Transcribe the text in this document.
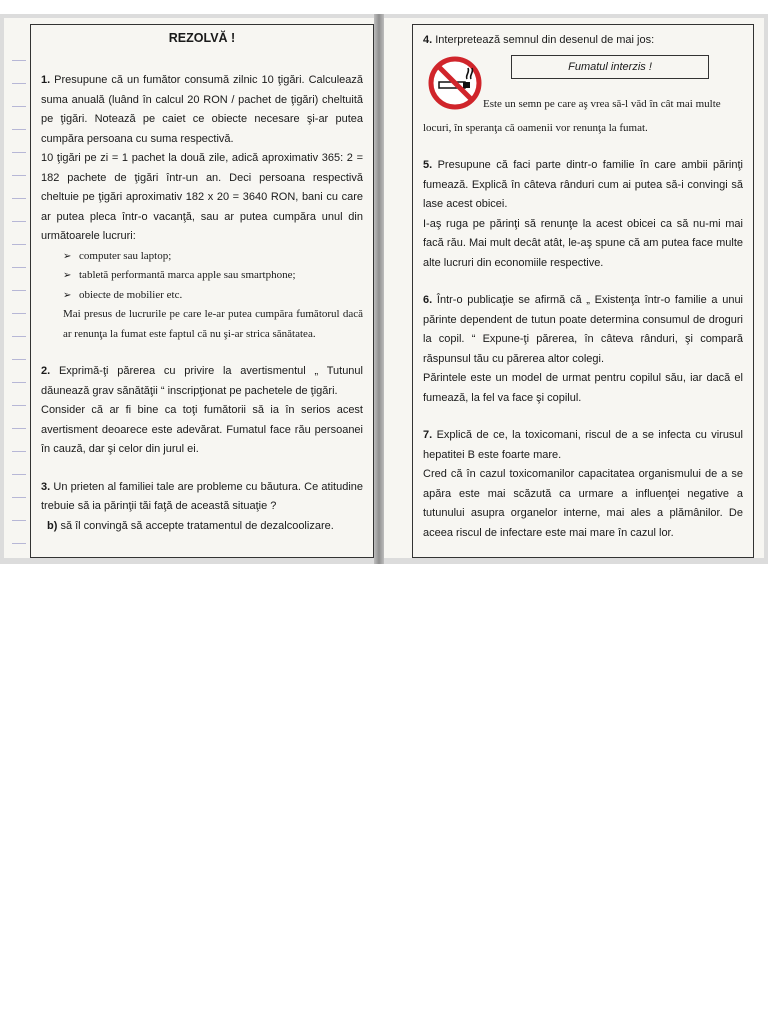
REZOLVĂ !

1. Presupune că un fumător consumă zilnic 10 ţigări. Calculează suma anuală (luând în calcul 20 RON / pachet de ţigări) cheltuită pe ţigări. Notează pe caiet ce obiecte necesare şi-ar putea cumpăra persoana cu suma respectivă.

10 ţigări pe zi = 1 pachet la două zile, adică aproximativ 365: 2 = 182 pachete de ţigări într-un an. Deci persoana respectivă cheltuie pe ţigări aproximativ 182 x 20 = 3640 RON, bani cu care ar putea pleca într-o vacanţă, sau ar putea cumpăra unul din următoarele lucruri:

➢ computer sau laptop;
➢ tabletă performantă marca apple sau smartphone;
➢ obiecte de mobilier etc.

Mai presus de lucrurile pe care le-ar putea cumpăra fumătorul dacă ar renunţa la fumat este faptul că nu şi-ar strica sănătatea.

2. Exprimă-ţi părerea cu privire la avertismentul „ Tutunul dăunează grav sănătăţii “ inscripţionat pe pachetele de ţigări.

Consider că ar fi bine ca toţi fumătorii să ia în serios acest avertisment deoarece este adevărat. Fumatul face rău persoanei în cauză, dar şi celor din jurul ei.

3. Un prieten al familiei tale are probleme cu băutura. Ce atitudine trebuie să ia părinţii tăi faţă de această situaţie ?

b) să îl convingă să accepte tratamentul de dezalcoolizare.

4. Interpretează semnul din desenul de mai jos:

Fumatul interzis !
Este un semn pe care aş vrea să-l văd în cât mai multe

locuri, în speranţa că oamenii vor renunţa la fumat.

5. Presupune că faci parte dintr-o familie în care ambii părinţi fumează. Explică în câteva rânduri cum ai putea să-i convingi să lase acest obicei.

I-aş ruga pe părinţi să renunţe la acest obicei ca să nu-mi mai facă rău. Mai mult decât atât, le-aş spune că am putea face multe alte lucruri din economiile respective.

6. Într-o publicaţie se afirmă că „ Existenţa într-o familie a unui părinte dependent de tutun poate determina consumul de droguri la copil. “ Expune-ţi părerea, în câteva rânduri, şi compară răspunsul tău cu părerea altor colegi.

Părintele este un model de urmat pentru copilul său, iar dacă el fumează, la fel va face şi copilul.

7. Explică de ce, la toxicomani, riscul de a se infecta cu virusul hepatitei B este foarte mare.

Cred că în cazul toxicomanilor capacitatea organismului de a se apăra este mai scăzută ca urmare a influenţei negative a tutunului asupra organelor interne, mai ales a plămânilor. De aceea riscul de infectare este mai mare în cazul lor.
